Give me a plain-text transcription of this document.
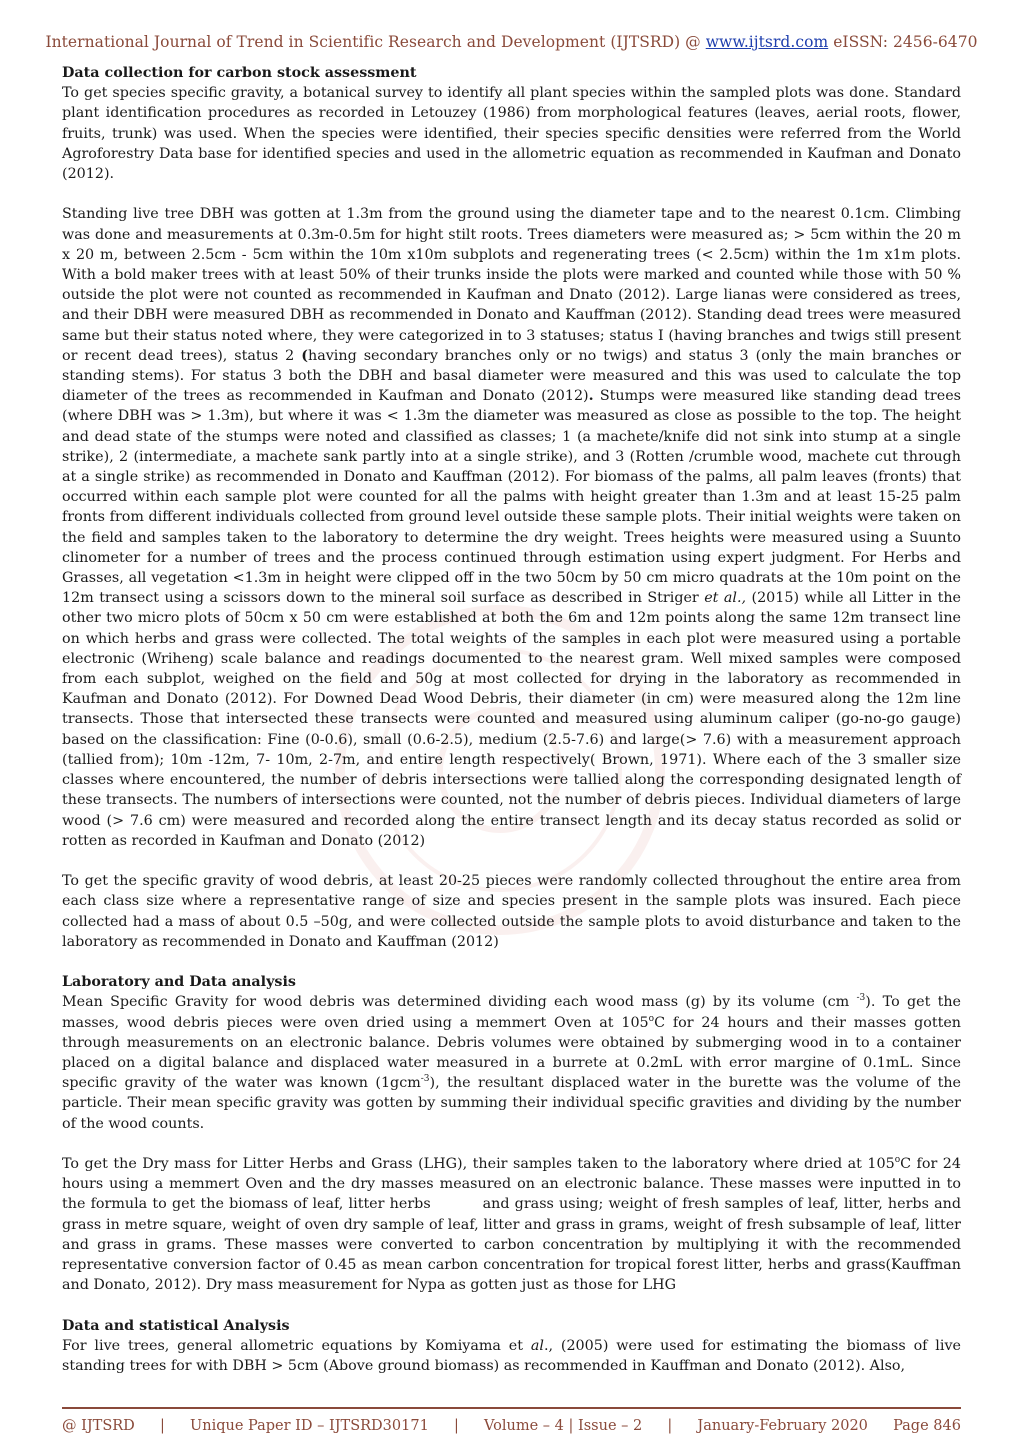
International Journal of Trend in Scientific Research and Development (IJTSRD) @ www.ijtsrd.com eISSN: 2456-6470
Data collection for carbon stock assessment

To get species specific gravity, a botanical survey to identify all plant species within the sampled plots was done. Standard plant identification procedures as recorded in Letouzey (1986) from morphological features (leaves, aerial roots, flower, fruits, trunk) was used. When the species were identified, their species specific densities were referred from the World Agroforestry Data base for identified species and used in the allometric equation as recommended in Kaufman and Donato (2012).

Standing live tree DBH was gotten at 1.3m from the ground using the diameter tape and to the nearest 0.1cm. Climbing was done and measurements at 0.3m-0.5m for hight stilt roots. Trees diameters were measured as; > 5cm within the 20 m x 20 m, between 2.5cm - 5cm within the 10m x10m subplots and regenerating trees (< 2.5cm) within the 1m x1m plots. With a bold maker trees with at least 50% of their trunks inside the plots were marked and counted while those with 50 % outside the plot were not counted as recommended in Kaufman and Dnato (2012). Large lianas were considered as trees, and their DBH were measured DBH as recommended in Donato and Kauffman (2012). Standing dead trees were measured same but their status noted where, they were categorized in to 3 statuses; status I (having branches and twigs still present or recent dead trees), status 2 (having secondary branches only or no twigs) and status 3 (only the main branches or standing stems). For status 3 both the DBH and basal diameter were measured and this was used to calculate the top diameter of the trees as recommended in Kaufman and Donato (2012). Stumps were measured like standing dead trees (where DBH was > 1.3m), but where it was < 1.3m the diameter was measured as close as possible to the top. The height and dead state of the stumps were noted and classified as classes; 1 (a machete/knife did not sink into stump at a single strike), 2 (intermediate, a machete sank partly into at a single strike), and 3 (Rotten /crumble wood, machete cut through at a single strike) as recommended in Donato and Kauffman (2012). For biomass of the palms, all palm leaves (fronts) that occurred within each sample plot were counted for all the palms with height greater than 1.3m and at least 15-25 palm fronts from different individuals collected from ground level outside these sample plots. Their initial weights were taken on the field and samples taken to the laboratory to determine the dry weight. Trees heights were measured using a Suunto clinometer for a number of trees and the process continued through estimation using expert judgment. For Herbs and Grasses, all vegetation <1.3m in height were clipped off in the two 50cm by 50 cm micro quadrats at the 10m point on the 12m transect using a scissors down to the mineral soil surface as described in Striger et al., (2015) while all Litter in the other two micro plots of 50cm x 50 cm were established at both the 6m and 12m points along the same 12m transect line on which herbs and grass were collected. The total weights of the samples in each plot were measured using a portable electronic (Wriheng) scale balance and readings documented to the nearest gram. Well mixed samples were composed from each subplot, weighed on the field and 50g at most collected for drying in the laboratory as recommended in Kaufman and Donato (2012). For Downed Dead Wood Debris, their diameter (in cm) were measured along the 12m line transects. Those that intersected these transects were counted and measured using aluminum caliper (go-no-go gauge) based on the classification: Fine (0-0.6), small (0.6-2.5), medium (2.5-7.6) and large(> 7.6) with a measurement approach (tallied from); 10m -12m, 7- 10m, 2-7m, and entire length respectively( Brown, 1971). Where each of the 3 smaller size classes where encountered, the number of debris intersections were tallied along the corresponding designated length of these transects. The numbers of intersections were counted, not the number of debris pieces. Individual diameters of large wood (> 7.6 cm) were measured and recorded along the entire transect length and its decay status recorded as solid or rotten as recorded in Kaufman and Donato (2012)

To get the specific gravity of wood debris, at least 20-25 pieces were randomly collected throughout the entire area from each class size where a representative range of size and species present in the sample plots was insured. Each piece collected had a mass of about 0.5 –50g, and were collected outside the sample plots to avoid disturbance and taken to the laboratory as recommended in Donato and Kauffman (2012)

Laboratory and Data analysis

Mean Specific Gravity for wood debris was determined dividing each wood mass (g) by its volume (cm $^{-3}$). To get the masses, wood debris pieces were oven dried using a memmert Oven at 105$^o$C for 24 hours and their masses gotten through measurements on an electronic balance. Debris volumes were obtained by submerging wood in to a container placed on a digital balance and displaced water measured in a burrete at 0.2mL with error margine of 0.1mL. Since specific gravity of the water was known (1gcm$^{-3}$), the resultant displaced water in the burette was the volume of the particle. Their mean specific gravity was gotten by summing their individual specific gravities and dividing by the number of the wood counts.

To get the Dry mass for Litter Herbs and Grass (LHG), their samples taken to the laboratory where dried at 105$^o$C for 24 hours using a memmert Oven and the dry masses measured on an electronic balance. These masses were inputted in to the formula to get the biomass of leaf, litter herbs          and grass using; weight of fresh samples of leaf, litter, herbs and grass in metre square, weight of oven dry sample of leaf, litter and grass in grams, weight of fresh subsample of leaf, litter and grass in grams. These masses were converted to carbon concentration by multiplying it with the recommended representative conversion factor of 0.45 as mean carbon concentration for tropical forest litter, herbs and grass(Kauffman and Donato, 2012). Dry mass measurement for Nypa as gotten just as those for LHG

Data and statistical Analysis

For live trees, general allometric equations by Komiyama et al., (2005) were used for estimating the biomass of live standing trees for with DBH > 5cm (Above ground biomass) as recommended in Kauffman and Donato (2012). Also,

@ IJTSRD | Unique Paper ID – IJTSRD30171 | Volume – 4 | Issue – 2 | January-February 2020 Page 846
